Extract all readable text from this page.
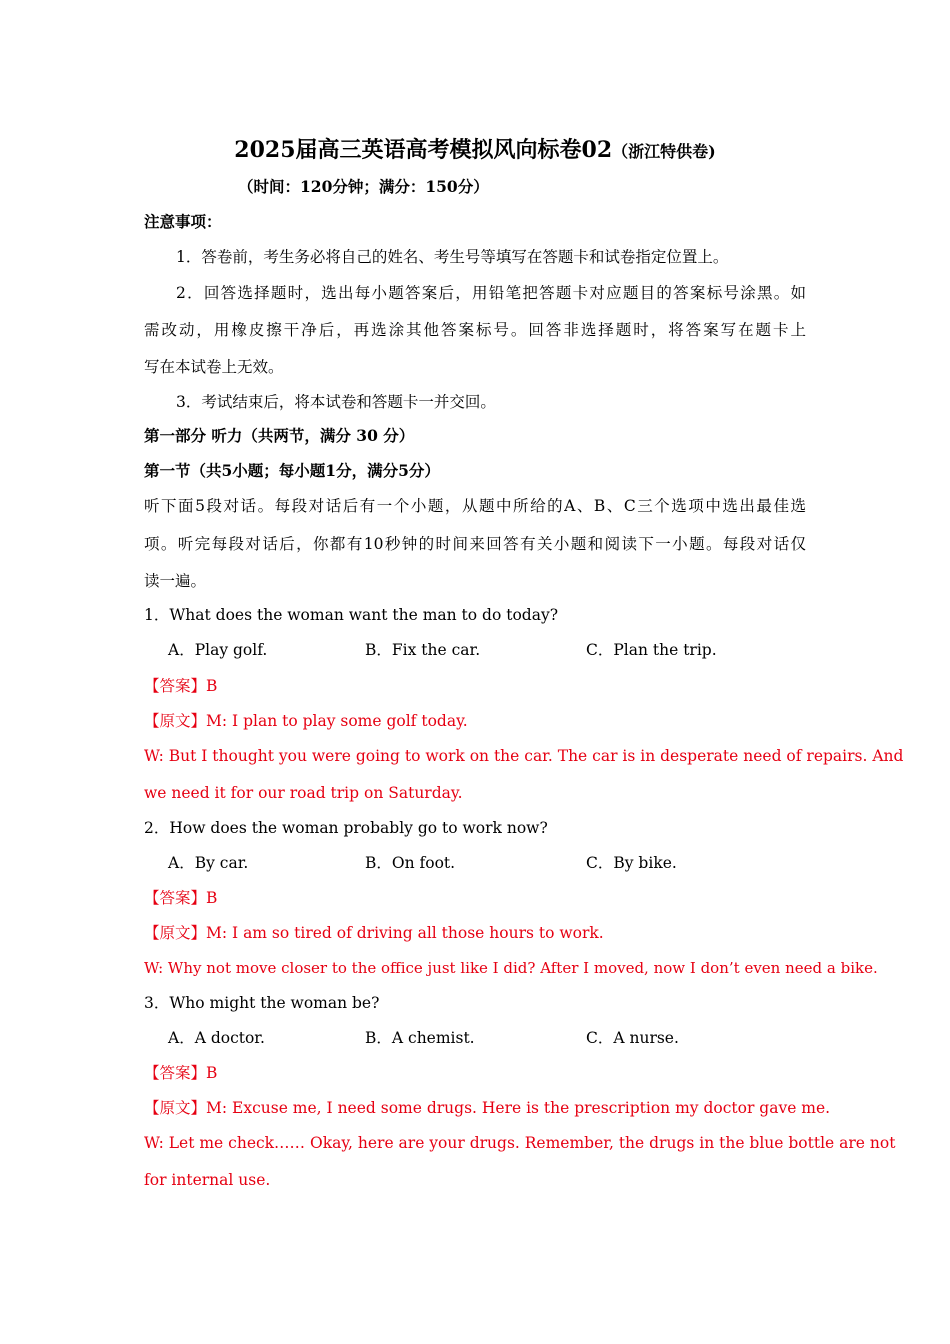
2025届高三英语高考模拟风向标卷02（浙江特供卷)
（时间：120分钟；满分：150分）
注意事项：
1．答卷前，考生务必将自己的姓名、考生号等填写在答题卡和试卷指定位置上。
2．回答选择题时，选出每小题答案后，用铅笔把答题卡对应题目的答案标号涂黑。如
需改动，用橡皮擦干净后，再选涂其他答案标号。回答非选择题时，将答案写在题卡上
写在本试卷上无效。
3．考试结束后，将本试卷和答题卡一并交回。
第一部分 听力（共两节，满分 30 分）
第一节（共5小题；每小题1分，满分5分）
听下面5段对话。每段对话后有一个小题，从题中所给的A、B、C三个选项中选出最佳选
项。听完每段对话后，你都有10秒钟的时间来回答有关小题和阅读下一小题。每段对话仅
读一遍。
1．What does the woman want the man to do today?
A．Play golf.	B．Fix the car.	C．Plan the trip.
【答案】B
【原文】M: I plan to play some golf today.
W: But I thought you were going to work on the car. The car is in desperate need of repairs. And
we need it for our road trip on Saturday.
2．How does the woman probably go to work now?
A．By car.	B．On foot.	C．By bike.
【答案】B
【原文】M: I am so tired of driving all those hours to work.
W: Why not move closer to the office just like I did? After I moved, now I don’t even need a bike.
3．Who might the woman be?
A．A doctor.	B．A chemist.	C．A nurse.
【答案】B
【原文】M: Excuse me, I need some drugs. Here is the prescription my doctor gave me.
W: Let me check…… Okay, here are your drugs. Remember, the drugs in the blue bottle are not
for internal use.
